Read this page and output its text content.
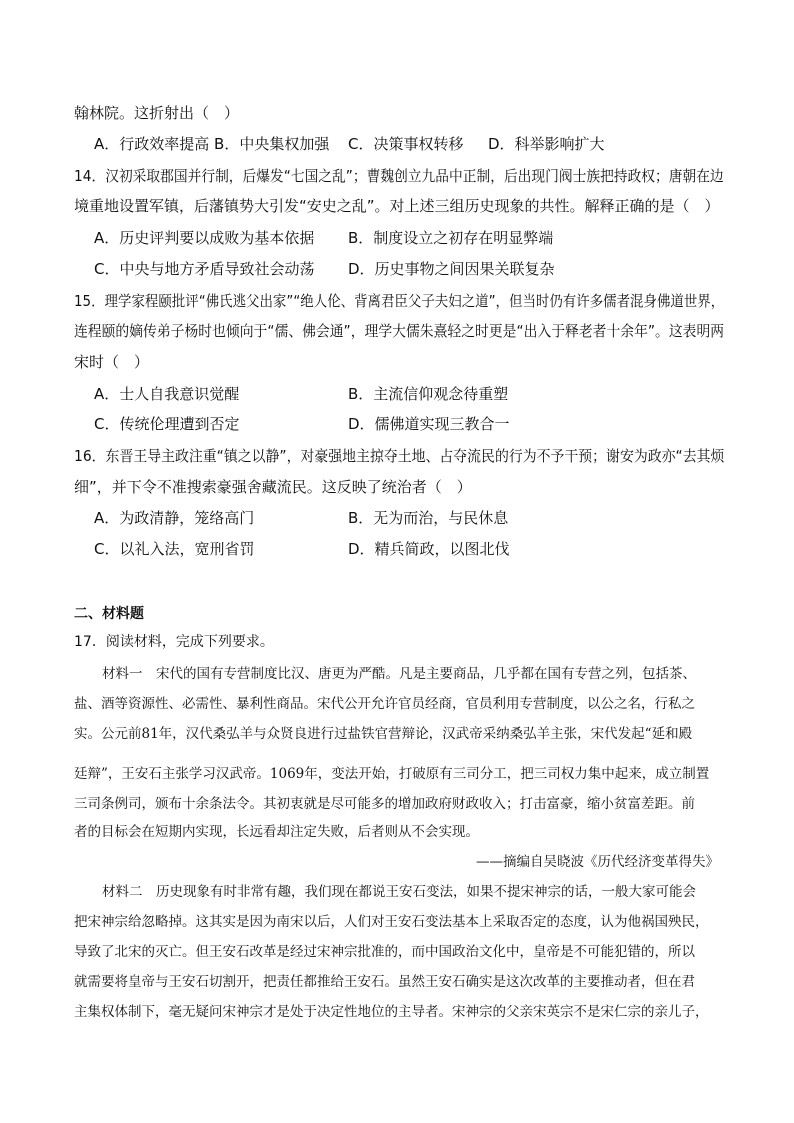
翰林院。这折射出（　）
A．行政效率提高 B．中央集权加强 C．决策事权转移 D．科举影响扩大
14．汉初采取郡国并行制，后爆发“七国之乱”；曹魏创立九品中正制，后出现门阀士族把持政权；唐朝在边
境重地设置军镇，后藩镇势大引发“安史之乱”。对上述三组历史现象的共性。解释正确的是（　）
A．历史评判要以成败为基本依据 B．制度设立之初存在明显弊端
C．中央与地方矛盾导致社会动荡 D．历史事物之间因果关联复杂
15．理学家程颐批评“佛氏逃父出家”“绝人伦、背离君臣父子夫妇之道”，但当时仍有许多儒者混身佛道世界，
连程颐的嫡传弟子杨时也倾向于“儒、佛会通”，理学大儒朱熹轻之时更是“出入于释老者十余年”。这表明两
宋时（　）
A．士人自我意识觉醒	B．主流信仰观念待重塑
C．传统伦理遭到否定	D．儒佛道实现三教合一
16．东晋王导主政注重“镇之以静”，对豪强地主掠夺土地、占夺流民的行为不予干预；谢安为政亦“去其烦
细”，并下令不准搜索豪强舍藏流民。这反映了统治者（　）
A．为政清静，笼络高门	B．无为而治，与民休息
C．以礼入法，宽刑省罚	D．精兵简政，以图北伐
二、材料题
17．阅读材料，完成下列要求。
材料一　宋代的国有专营制度比汉、唐更为严酷。凡是主要商品，几乎都在国有专营之列，包括茶、
盐、酒等资源性、必需性、暴利性商品。宋代公开允许官员经商，官员利用专营制度，以公之名，行私之
实。公元前81年，汉代桑弘羊与众贤良进行过盐铁官营辩论，汉武帝采纳桑弘羊主张，宋代发起“延和殿
廷辩”，王安石主张学习汉武帝。1069年，变法开始，打破原有三司分工，把三司权力集中起来，成立制置
三司条例司，颁布十余条法令。其初衷就是尽可能多的增加政府财政收入；打击富豪，缩小贫富差距。前
者的目标会在短期内实现，长远看却注定失败，后者则从不会实现。
——摘编自吴晓波《历代经济变革得失》
材料二　历史现象有时非常有趣，我们现在都说王安石变法，如果不提宋神宗的话，一般大家可能会
把宋神宗给忽略掉。这其实是因为南宋以后，人们对王安石变法基本上采取否定的态度，认为他祸国殃民，
导致了北宋的灭亡。但王安石改革是经过宋神宗批准的，而中国政治文化中，皇帝是不可能犯错的，所以
就需要将皇帝与王安石切割开，把责任都推给王安石。虽然王安石确实是这次改革的主要推动者，但在君
主集权体制下，毫无疑问宋神宗才是处于决定性地位的主导者。宋神宗的父亲宋英宗不是宋仁宗的亲儿子，
